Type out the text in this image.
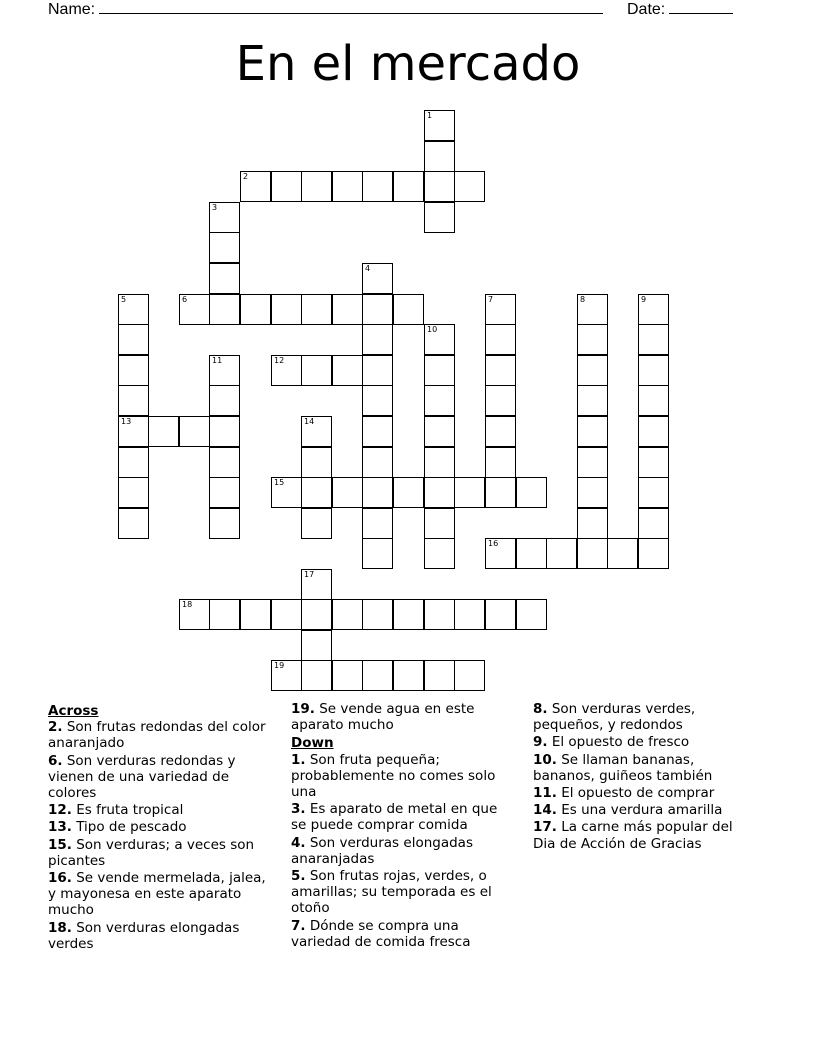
Name:	Date:
En el mercado
1
2
3
4
5	6	7	8	9
10
11	12
13	14
15
16
17
18
19
Across
2. Son frutas redondas del color anaranjado
6. Son verduras redondas y vienen de una variedad de colores
12. Es fruta tropical
13. Tipo de pescado
15. Son verduras; a veces son picantes
16. Se vende mermelada, jalea, y mayonesa en este aparato mucho
18. Son verduras elongadas verdes
19. Se vende agua en este aparato mucho
Down
1. Son fruta pequeña; probablemente no comes solo una
3. Es aparato de metal en que se puede comprar comida
4. Son verduras elongadas anaranjadas
5. Son frutas rojas, verdes, o amarillas; su temporada es el otoño
7. Dónde se compra una variedad de comida fresca
8. Son verduras verdes, pequeños, y redondos
9. El opuesto de fresco
10. Se llaman bananas, bananos, guiñeos también
11. El opuesto de comprar
14. Es una verdura amarilla
17. La carne más popular del Dia de Acción de Gracias
